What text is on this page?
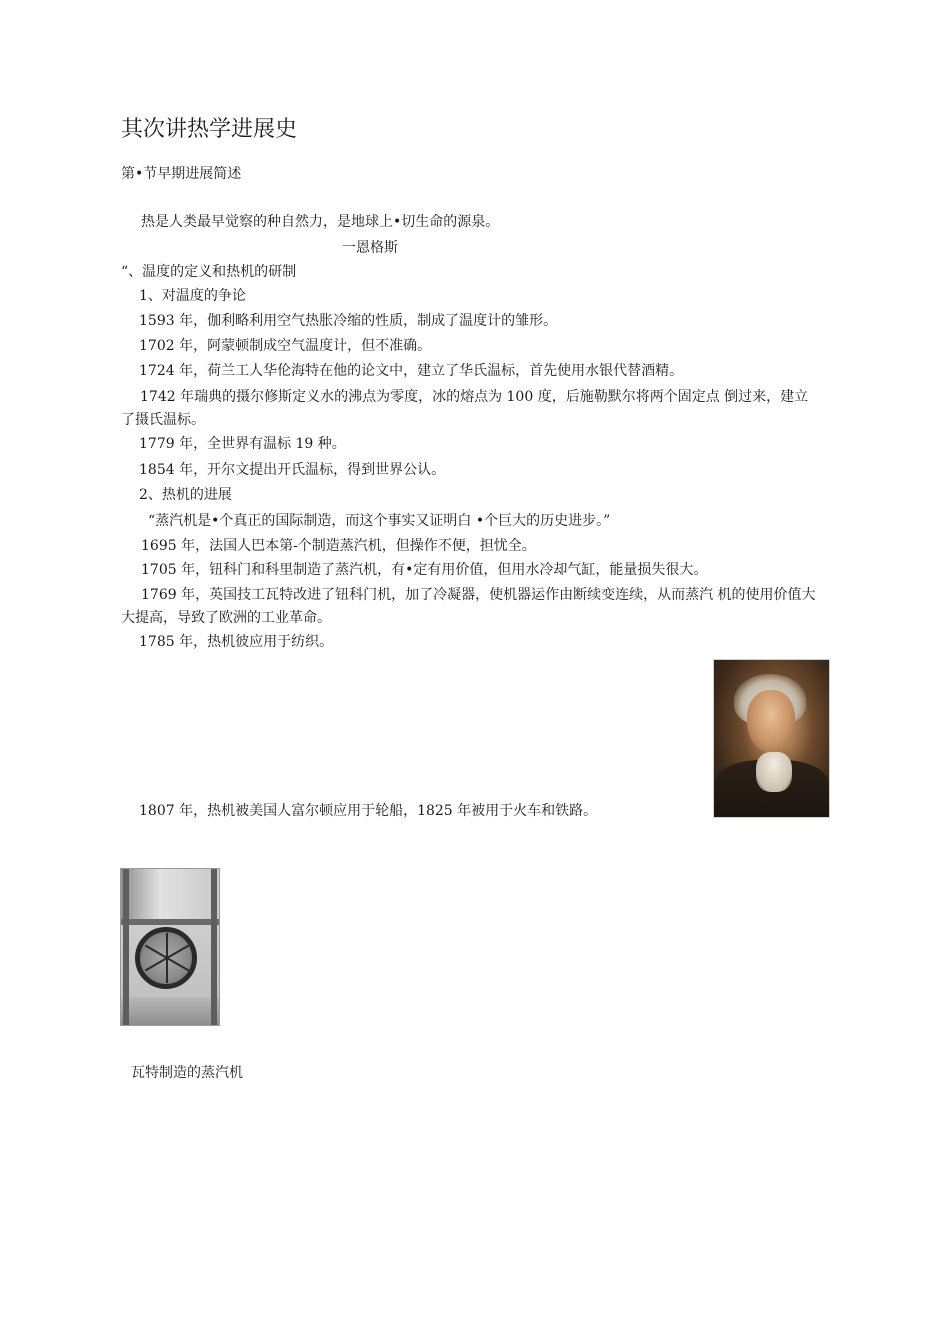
其次讲热学进展史
第•节早期进展简述
热是人类最早觉察的种自然力，是地球上•切生命的源泉。
一恩格斯
“、温度的定义和热机的研制
1、对温度的争论
1593 年，伽利略利用空气热胀冷缩的性质，制成了温度计的雏形。
1702 年，阿蒙顿制成空气温度计，但不准确。
1724 年，荷兰工人华伦海特在他的论文中，建立了华氏温标，首先使用水银代替酒精。
1742 年瑞典的摄尔修斯定义水的沸点为零度，冰的熔点为 100 度，后施勒默尔将两个固定点 倒过来，建立了摄氏温标。
1779 年，全世界有温标 19 种。
1854 年，开尔文提出开氏温标，得到世界公认。
2、热机的进展
“蒸汽机是•个真正的国际制造，而这个事实又证明白 •个巨大的历史进步。”
1695 年，法国人巴本第-个制造蒸汽机，但操作不便，担忧全。
1705 年，钮科门和科里制造了蒸汽机，有•定有用价值，但用水冷却气缸，能量损失很大。
1769 年，英国技工瓦特改进了钮科门机，加了冷凝器，使机器运作由断续变连续，从而蒸汽 机的使用价值大大提高，导致了欧洲的工业革命。
1785 年，热机彼应用于纺织。
1807 年，热机被美国人富尔顿应用于轮船，1825 年被用于火车和铁路。
瓦特制造的蒸汽机
